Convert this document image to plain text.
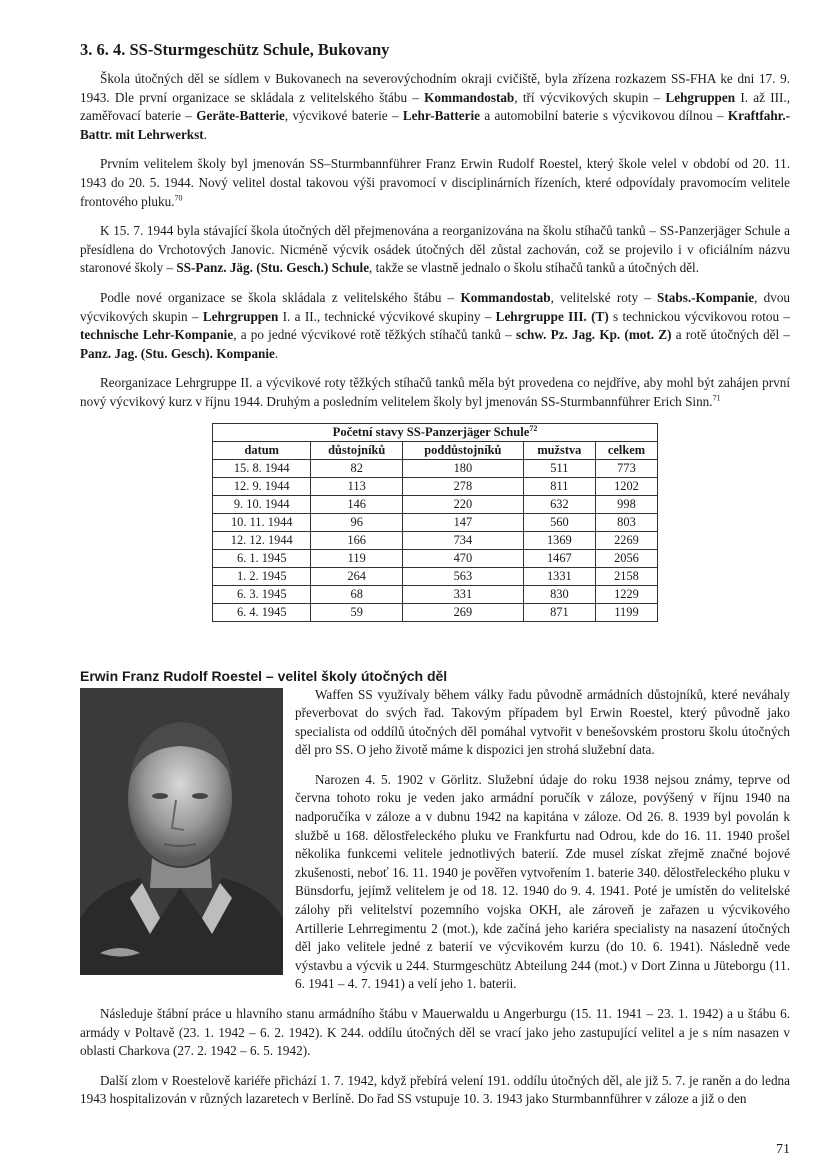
3. 6. 4. SS-Sturmgeschütz Schule, Bukovany

Škola útočných děl se sídlem v Bukovanech na severovýchodním okraji cvičiště, byla zřízena rozkazem SS-FHA ke dni 17. 9. 1943. Dle první organizace se skládala z velitelského štábu – Kommandostab, tří výcvikových skupin – Lehgruppen I. až III., zaměřovací baterie – Geräte-Batterie, výcvikové baterie – Lehr-Batterie a automobilní baterie s výcvikovou dílnou – Kraftfahr.-Battr. mit Lehrwerkst.

Prvním velitelem školy byl jmenován SS–Sturmbannführer Franz Erwin Rudolf Roestel, který škole velel v období od 20. 11. 1943 do 20. 5. 1944. Nový velitel dostal takovou výši pravomocí v disciplinárních řízeních, které odpovídaly pravomocím velitele frontového pluku.$^{70}$

K 15. 7. 1944 byla stávající škola útočných děl přejmenována a reorganizována na školu stíhačů tanků – SS-Panzerjäger Schule a přesídlena do Vrchotových Janovic. Nicméně výcvik osádek útočných děl zůstal zachován, což se projevilo i v oficiálním názvu staronové školy – SS-Panz. Jäg. (Stu. Gesch.) Schule, takže se vlastně jednalo o školu stíhačů tanků a útočných děl.

Podle nové organizace se škola skládala z velitelského štábu – Kommandostab, velitelské roty – Stabs.-Kompanie, dvou výcvikových skupin – Lehrgruppen I. a II., technické výcvikové skupiny – Lehrgruppe III. (T) s technickou výcvikovou rotou – technische Lehr-Kompanie, a po jedné výcvikové rotě těžkých stíhačů tanků – schw. Pz. Jag. Kp. (mot. Z) a rotě útočných děl – Panz. Jag. (Stu. Gesch). Kompanie.

Reorganizace Lehrgruppe II. a výcvikové roty těžkých stíhačů tanků měla být provedena co nejdříve, aby mohl být zahájen první nový výcvikový kurz v říjnu 1944. Druhým a posledním velitelem školy byl jmenován SS-Sturmbannführer Erich Sinn.$^{71}$

Početní stavy SS-Panzerjäger Schule$^{72}$
datum	důstojníků	poddůstojníků	mužstva	celkem
15. 8. 1944	82	180	511	773
12. 9. 1944	113	278	811	1202
9. 10. 1944	146	220	632	998
10. 11. 1944	96	147	560	803
12. 12. 1944	166	734	1369	2269
6. 1. 1945	119	470	1467	2056
1. 2. 1945	264	563	1331	2158
6. 3. 1945	68	331	830	1229
6. 4. 1945	59	269	871	1199
Erwin Franz Rudolf Roestel – velitel školy útočných děl

Waffen SS využívaly během války řadu původně armádních důstojníků, které neváhaly převerbovat do svých řad. Takovým případem byl Erwin Roestel, který původně jako specialista od oddílů útočných děl pomáhal vytvořit v benešovském prostoru školu útočných děl pro SS. O jeho životě máme k dispozici jen strohá služební data.

Narozen 4. 5. 1902 v Görlitz. Služební údaje do roku 1938 nejsou známy, teprve od června tohoto roku je veden jako armádní poručík v záloze, povýšený v říjnu 1940 na nadporučíka v záloze a v dubnu 1942 na kapitána v záloze. Od 26. 8. 1939 byl povolán k službě u 168. dělostřeleckého pluku ve Frankfurtu nad Odrou, kde do 16. 11. 1940 prošel několika funkcemi velitele jednotlivých baterií. Zde musel získat zřejmě značné bojové zkušenosti, neboť 16. 11. 1940 je pověřen vytvořením 1. baterie 340. dělostřeleckého pluku v Bünsdorfu, jejímž velitelem je od 18. 12. 1940 do 9. 4. 1941. Poté je umístěn do velitelské zálohy při velitelství pozemního vojska OKH, ale zároveň je zařazen u výcvikového Artillerie Lehrregimentu 2 (mot.), kde začíná jeho kariéra specialisty na nasazení útočných děl jako velitele jedné z baterií ve výcvikovém kurzu (do 10. 6. 1941). Následně vede výstavbu a výcvik u 244. Sturmgeschütz Abteilung 244 (mot.) v Dort Zinna u Jüteborgu (11. 6. 1941 – 4. 7. 1941) a velí jeho 1. baterii.

Následuje štábní práce u hlavního stanu armádního štábu v Mauerwaldu u Angerburgu (15. 11. 1941 – 23. 1. 1942) a u štábu 6. armády v Poltavě (23. 1. 1942 – 6. 2. 1942). K 244. oddílu útočných děl se vrací jako jeho zastupující velitel a je s ním nasazen v oblasti Charkova (27. 2. 1942 – 6. 5. 1942).

Další zlom v Roestelově kariéře přichází 1. 7. 1942, když přebírá velení 191. oddílu útočných děl, ale již 5. 7. je raněn a do ledna 1943 hospitalizován v různých lazaretech v Berlíně. Do řad SS vstupuje 10. 3. 1943 jako Sturmbannführer v záloze a již o den

71
